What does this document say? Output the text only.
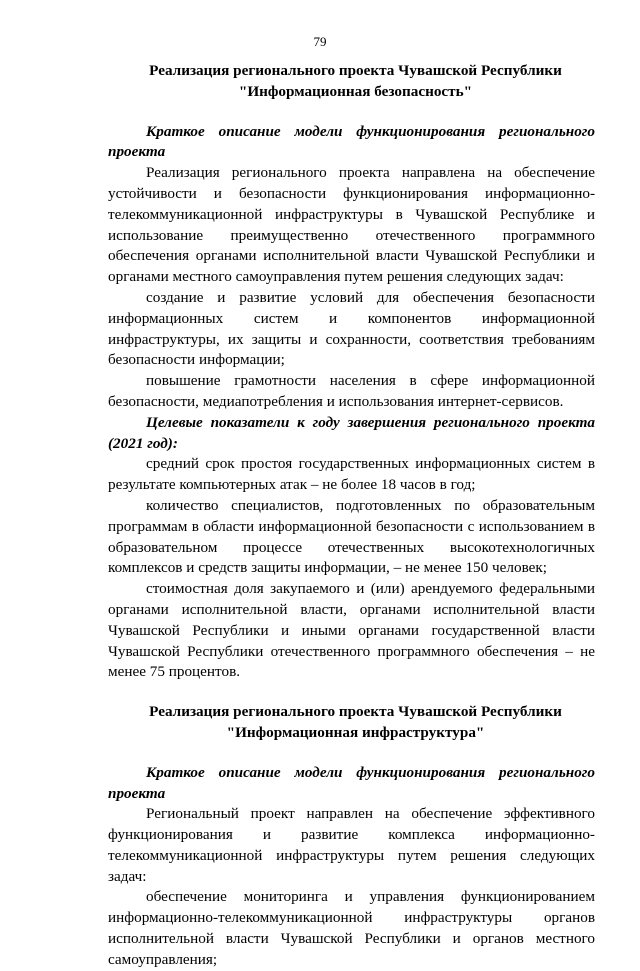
79
Реализация регионального проекта Чувашской Республики
"Информационная безопасность"
Краткое описание модели функционирования регионального проекта

Реализация регионального проекта направлена на обеспечение устойчивости и безопасности функционирования информационно-телекоммуникационной инфраструктуры в Чувашской Республике и использование преимущественно отечественного программного обеспечения органами исполнительной власти Чувашской Республики и органами местного самоуправления путем решения следующих задач:

создание и развитие условий для обеспечения безопасности информационных систем и компонентов информационной инфраструктуры, их защиты и сохранности, соответствия требованиям безопасности информации;

повышение грамотности населения в сфере информационной безопасности, медиапотребления и использования интернет-сервисов.

Целевые показатели к году завершения регионального проекта (2021 год):

средний срок простоя государственных информационных систем в результате компьютерных атак – не более 18 часов в год;

количество специалистов, подготовленных по образовательным программам в области информационной безопасности с использованием в образовательном процессе отечественных высокотехнологичных комплексов и средств защиты информации, – не менее 150 человек;

стоимостная доля закупаемого и (или) арендуемого федеральными органами исполнительной власти, органами исполнительной власти Чувашской Республики и иными органами государственной власти Чувашской Республики отечественного программного обеспечения – не менее 75 процентов.

Реализация регионального проекта Чувашской Республики
"Информационная инфраструктура"
Краткое описание модели функционирования регионального проекта

Региональный проект направлен на обеспечение эффективного функционирования и развитие комплекса информационно-телекоммуникационной инфраструктуры путем решения следующих задач:

обеспечение мониторинга и управления функционированием информационно-телекоммуникационной инфраструктуры органов исполнительной власти Чувашской Республики и органов местного самоуправления;
